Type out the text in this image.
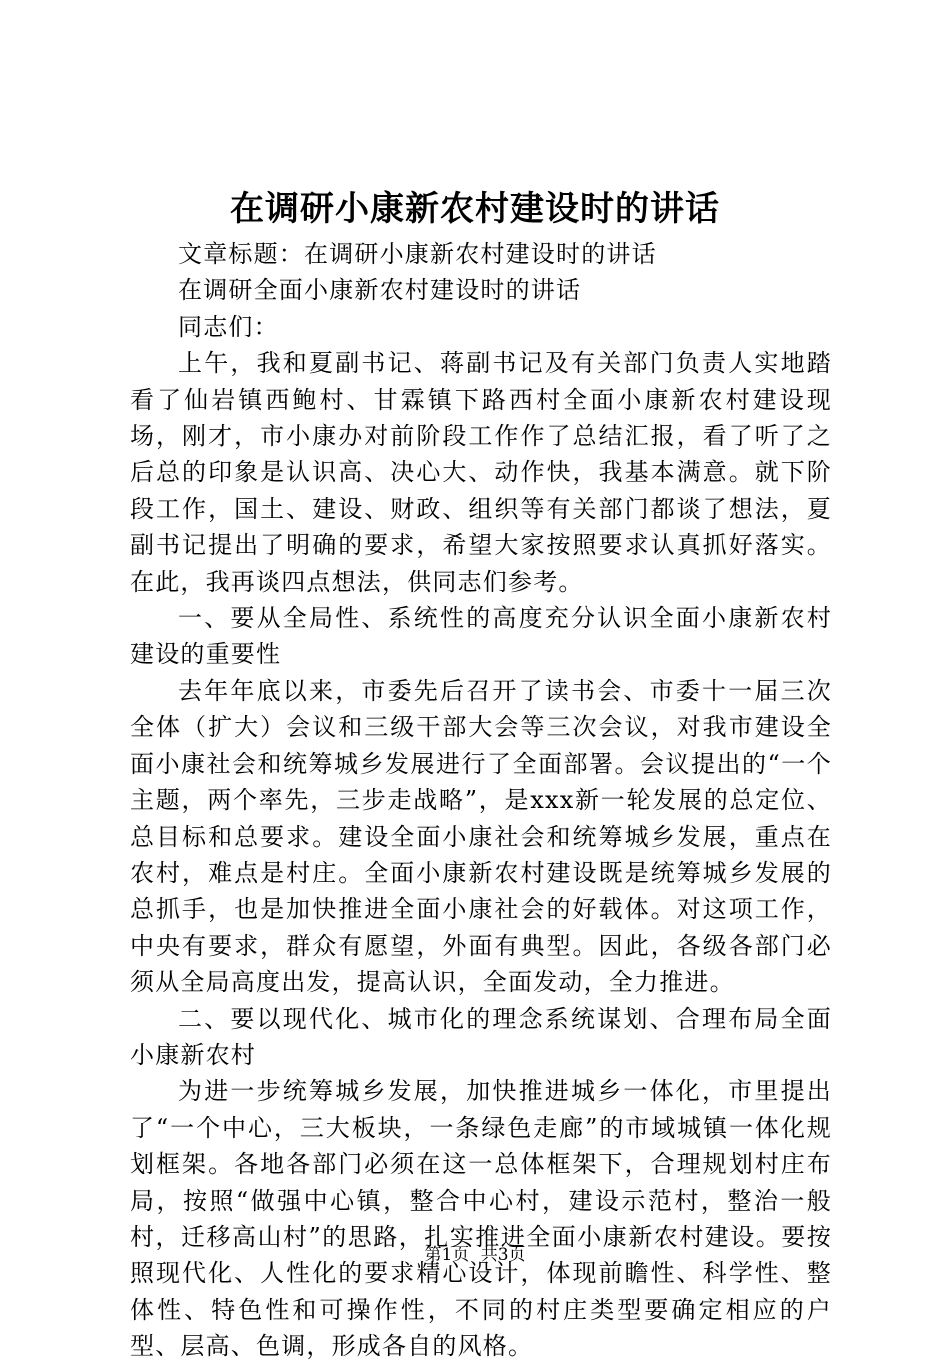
在调研小康新农村建设时的讲话

文章标题：在调研小康新农村建设时的讲话

在调研全面小康新农村建设时的讲话

同志们：

上午，我和夏副书记、蒋副书记及有关部门负责人实地踏看了仙岩镇西鲍村、甘霖镇下路西村全面小康新农村建设现场，刚才，市小康办对前阶段工作作了总结汇报，看了听了之后总的印象是认识高、决心大、动作快，我基本满意。就下阶段工作，国土、建设、财政、组织等有关部门都谈了想法，夏副书记提出了明确的要求，希望大家按照要求认真抓好落实。在此，我再谈四点想法，供同志们参考。

一、要从全局性、系统性的高度充分认识全面小康新农村建设的重要性

去年年底以来，市委先后召开了读书会、市委十一届三次全体（扩大）会议和三级干部大会等三次会议，对我市建设全面小康社会和统筹城乡发展进行了全面部署。会议提出的“一个主题，两个率先，三步走战略”，是xxx新一轮发展的总定位、总目标和总要求。建设全面小康社会和统筹城乡发展，重点在农村，难点是村庄。全面小康新农村建设既是统筹城乡发展的总抓手，也是加快推进全面小康社会的好载体。对这项工作，中央有要求，群众有愿望，外面有典型。因此，各级各部门必须从全局高度出发，提高认识，全面发动，全力推进。

二、要以现代化、城市化的理念系统谋划、合理布局全面小康新农村

为进一步统筹城乡发展，加快推进城乡一体化，市里提出了“一个中心，三大板块，一条绿色走廊”的市域城镇一体化规划框架。各地各部门必须在这一总体框架下，合理规划村庄布局，按照“做强中心镇，整合中心村，建设示范村，整治一般村，迁移高山村”的思路，扎实推进全面小康新农村建设。要按照现代化、人性化的要求精心设计，体现前瞻性、科学性、整体性、特色性和可操作性，不同的村庄类型要确定相应的户型、层高、色调，形成各自的风格。

第1页 共3页
